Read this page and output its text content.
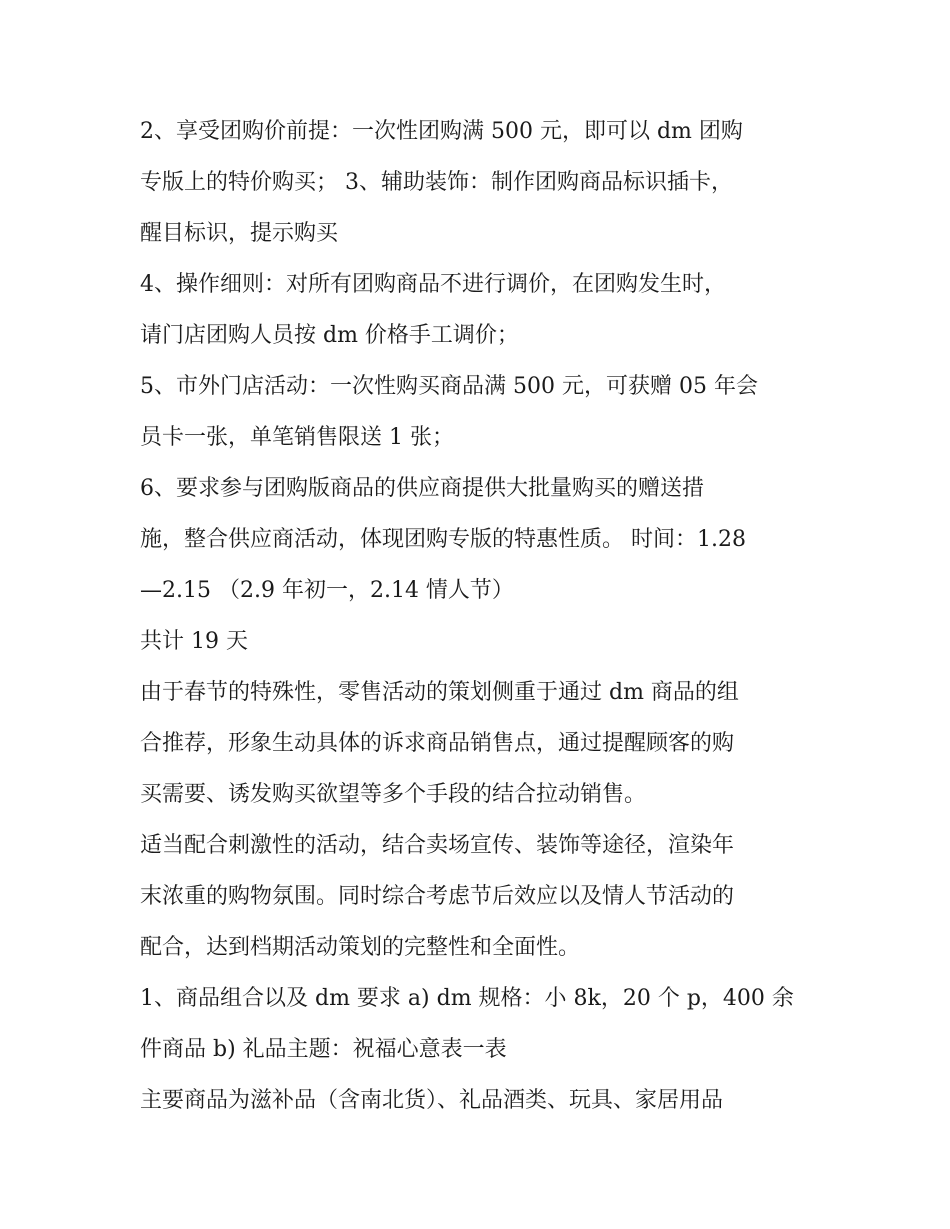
2、享受团购价前提：一次性团购满 500 元，即可以 dm 团购
专版上的特价购买； 3、辅助装饰：制作团购商品标识插卡，
醒目标识，提示购买

4、操作细则：对所有团购商品不进行调价，在团购发生时，
请门店团购人员按 dm 价格手工调价；

5、市外门店活动：一次性购买商品满 500 元，可获赠 05 年会
员卡一张，单笔销售限送 1 张；

6、要求参与团购版商品的供应商提供大批量购买的赠送措
施，整合供应商活动，体现团购专版的特惠性质。 时间：1.28
—2.15 （2.9 年初一，2.14 情人节）

共计 19 天

由于春节的特殊性，零售活动的策划侧重于通过 dm 商品的组
合推荐，形象生动具体的诉求商品销售点，通过提醒顾客的购
买需要、诱发购买欲望等多个手段的结合拉动销售。

适当配合刺激性的活动，结合卖场宣传、装饰等途径，渲染年
末浓重的购物氛围。同时综合考虑节后效应以及情人节活动的
配合，达到档期活动策划的完整性和全面性。

1、商品组合以及 dm 要求 a) dm 规格：小 8k，20 个 p，400 余
件商品 b) 礼品主题：祝福心意表一表

主要商品为滋补品（含南北货）、礼品酒类、玩具、家居用品
